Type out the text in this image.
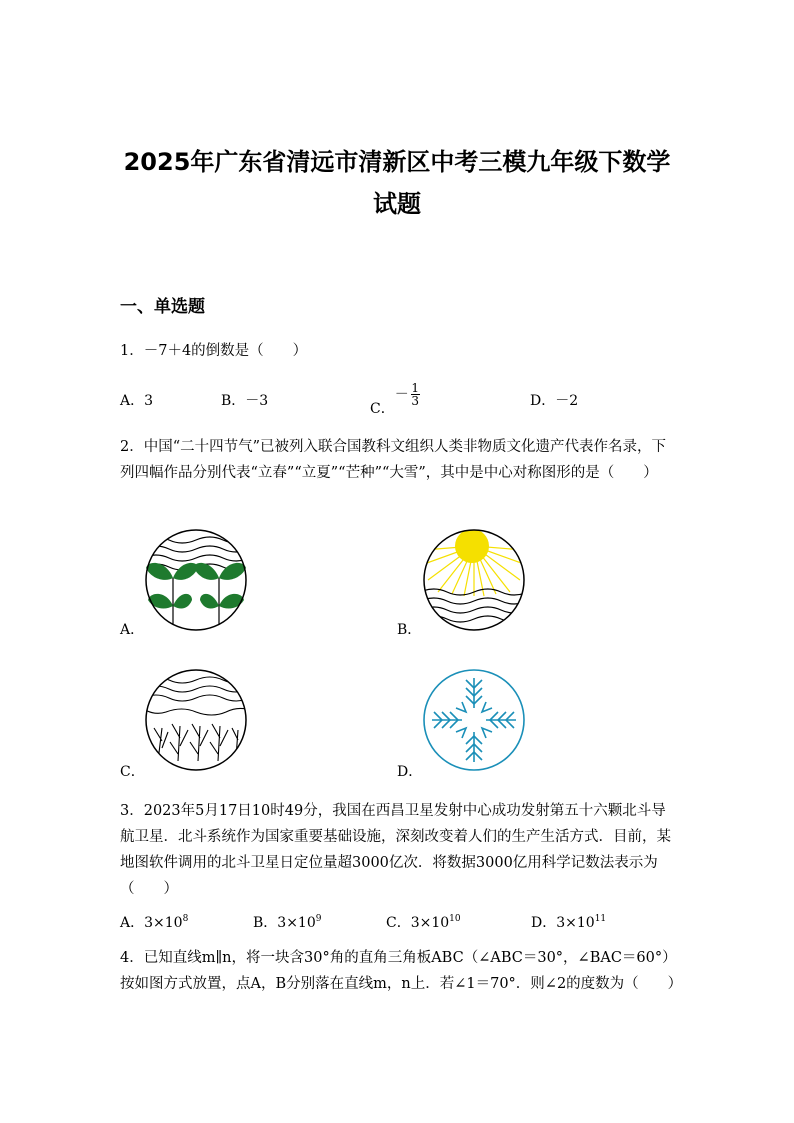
2025年广东省清远市清新区中考三模九年级下数学
试题
一、单选题
1．－7＋4的倒数是（　　）
A．3	B．－3	C．－ $\frac{1}{3}$	D．－2
2．中国“二十四节气”已被列入联合国教科文组织人类非物质文化遗产代表作名录，下列四幅作品分别代表“立春”“立夏”“芒种”“大雪”，其中是中心对称图形的是（　　）
A．	B．
C．	D．
3．2023年5月17日10时49分，我国在西昌卫星发射中心成功发射第五十六颗北斗导航卫星．北斗系统作为国家重要基础设施，深刻改变着人们的生产生活方式．目前，某地图软件调用的北斗卫星日定位量超3000亿次．将数据3000亿用科学记数法表示为（　　）
A．$3\times 10^8$	B．$3\times 10^9$	C．$3\times 10^{10}$	D．$3\times 10^{11}$
4．已知直线m∥n，将一块含30°角的直角三角板ABC（∠ABC＝30°，∠BAC＝60°）按如图方式放置，点A，B分别落在直线m，n上．若∠1＝70°．则∠2的度数为（　　）
